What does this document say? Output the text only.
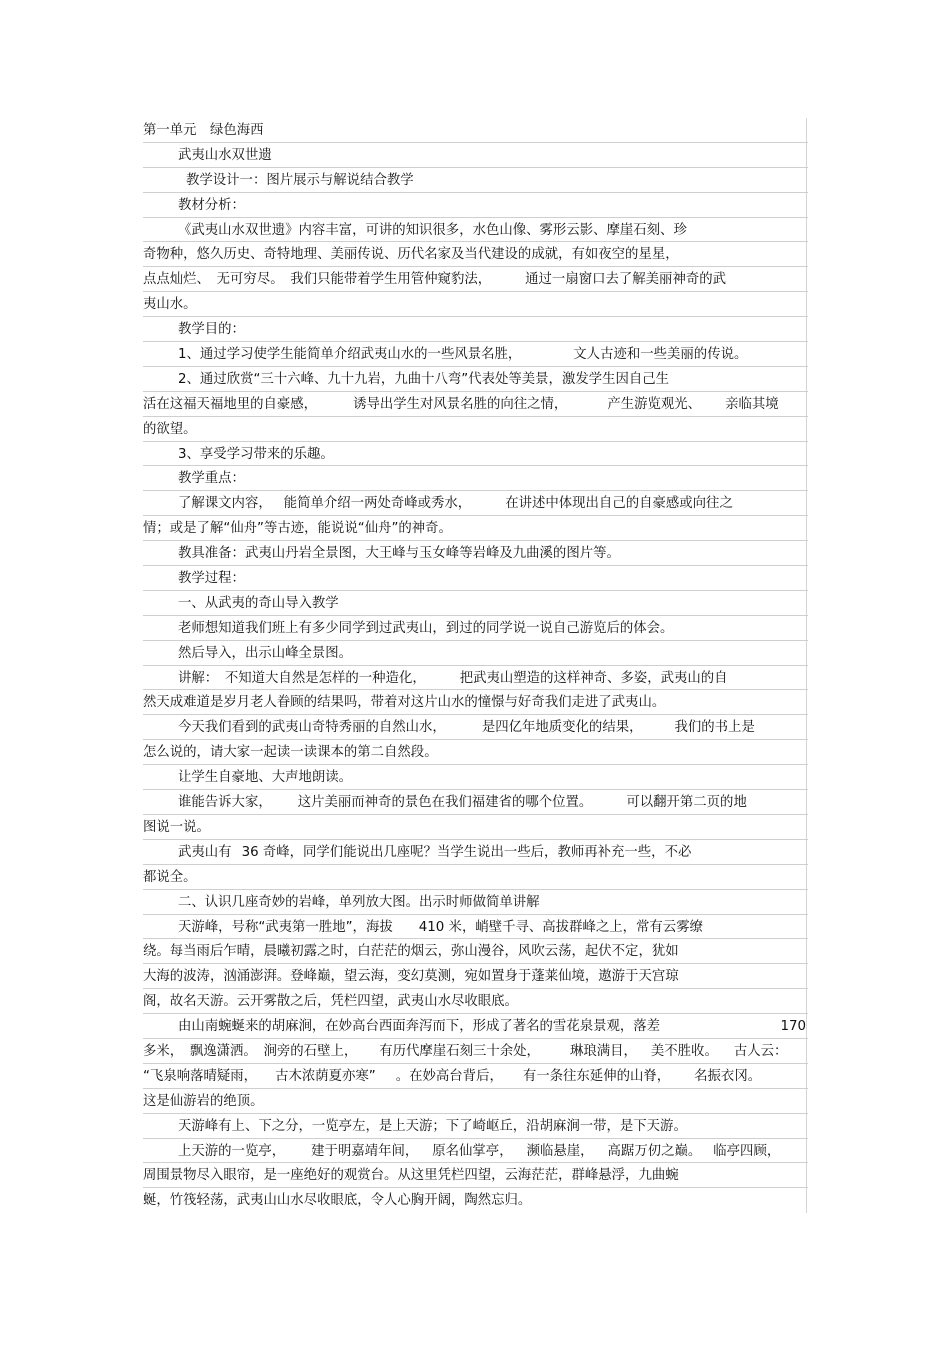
第一单元　绿色海西
武夷山水双世遗
教学设计一：图片展示与解说结合教学
教材分析：
《武夷山水双世遗》内容丰富，可讲的知识很多，水色山像、雾形云影、摩崖石刻、珍
奇物种，悠久历史、奇特地理、美丽传说、历代名家及当代建设的成就，有如夜空的星星，
点点灿烂、　无可穷尽。　我们只能带着学生用管仲窥豹法，	通过一扇窗口去了解美丽神奇的武
夷山水。
教学目的：
1、通过学习使学生能简单介绍武夷山水的一些风景名胜，	文人古迹和一些美丽的传说。
2、通过欣赏“三十六峰、九十九岩，九曲十八弯”代表处等美景，激发学生因自己生
活在这福天福地里的自豪感，	诱导出学生对风景名胜的向往之情，	产生游览观光、 亲临其境
的欲望。
3、享受学习带来的乐趣。
教学重点：
了解课文内容， 能简单介绍一两处奇峰或秀水，	在讲述中体现出自己的自豪感或向往之
情；或是了解“仙舟”等古迹，能说说“仙舟”的神奇。
教具准备：武夷山丹岩全景图，大王峰与玉女峰等岩峰及九曲溪的图片等。
教学过程：
一、从武夷的奇山导入教学
老师想知道我们班上有多少同学到过武夷山，到过的同学说一说自己游览后的体会。
然后导入，出示山峰全景图。
讲解：　不知道大自然是怎样的一种造化，	把武夷山塑造的这样神奇、多姿，武夷山的自
然天成难道是岁月老人眷顾的结果吗，带着对这片山水的憧憬与好奇我们走进了武夷山。
今天我们看到的武夷山奇特秀丽的自然山水，	是四亿年地质变化的结果， 我们的书上是
怎么说的，请大家一起读一读课本的第二自然段。
让学生自豪地、大声地朗读。
谁能告诉大家， 这片美丽而神奇的景色在我们福建省的哪个位置。	可以翻开第二页的地
图说一说。
武夷山有 36 奇峰，同学们能说出几座呢？当学生说出一些后，教师再补充一些，不必
都说全。
二、认识几座奇妙的岩峰，单列放大图。出示时师做简单讲解
天游峰，号称“武夷第一胜地”，海拔 410 米，峭壁千寻、高拔群峰之上，常有云雾缭
绕。每当雨后乍晴，晨曦初露之时，白茫茫的烟云，弥山漫谷，风吹云荡，起伏不定，犹如
大海的波涛，汹涌澎湃。登峰巅，望云海，变幻莫测，宛如置身于蓬莱仙境，遨游于天宫琼
阁，故名天游。云开雾散之后，凭栏四望，武夷山水尽收眼底。
由山南蜿蜒来的胡麻涧，在妙高台西面奔泻而下，形成了著名的雪花泉景观，落差	170
多米，　飘逸潇洒。　涧旁的石壁上， 有历代摩崖石刻三十余处， 琳琅满目， 美不胜收。 古人云：
“飞泉响落晴疑雨， 古木浓荫夏亦寒” 。在妙高台背后， 有一条往东延伸的山脊， 名振衣冈。
这是仙游岩的绝顶。
天游峰有上、下之分，一览亭左，是上天游；下了崎岖丘，沿胡麻涧一带，是下天游。
上天游的一览亭， 建于明嘉靖年间， 原名仙掌亭， 濒临悬崖， 高踞万仞之巅。 临亭四顾，
周围景物尽入眼帘，是一座绝好的观赏台。从这里凭栏四望，云海茫茫，群峰悬浮，九曲蜿
蜒，竹筏轻荡，武夷山山水尽收眼底，令人心胸开阔，陶然忘归。
